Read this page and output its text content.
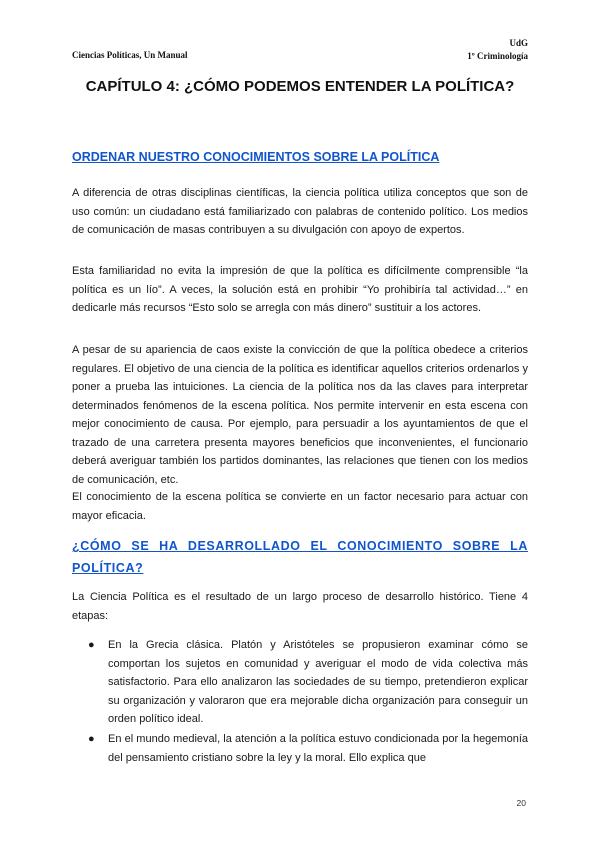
Ciencias Políticas, Un Manual
UdG
1º Criminología
CAPÍTULO 4: ¿CÓMO PODEMOS ENTENDER LA POLÍTICA?
ORDENAR NUESTRO CONOCIMIENTOS SOBRE LA POLÍTICA

A diferencia de otras disciplinas científicas, la ciencia política utiliza conceptos que son de uso común: un ciudadano está familiarizado con palabras de contenido político. Los medios de comunicación de masas contribuyen a su divulgación con apoyo de expertos.

Esta familiaridad no evita la impresión de que la política es difícilmente comprensible “la política es un lío”. A veces, la solución está en prohibir “Yo prohibiría tal actividad…” en dedicarle más recursos “Esto solo se arregla con más dinero” sustituir a los actores.

A pesar de su apariencia de caos existe la convicción de que la política obedece a criterios regulares. El objetivo de una ciencia de la política es identificar aquellos criterios ordenarlos y poner a prueba las intuiciones. La ciencia de la política nos da las claves para interpretar determinados fenómenos de la escena política. Nos permite intervenir en esta escena con mejor conocimiento de causa. Por ejemplo, para persuadir a los ayuntamientos de que el trazado de una carretera presenta mayores beneficios que inconvenientes, el funcionario deberá averiguar también los partidos dominantes, las relaciones que tienen con los medios de comunicación, etc.

El conocimiento de la escena política se convierte en un factor necesario para actuar con mayor eficacia.

¿CÓMO SE HA DESARROLLADO EL CONOCIMIENTO SOBRE LA POLÍTICA?

La Ciencia Política es el resultado de un largo proceso de desarrollo histórico. Tiene 4 etapas:

● En la Grecia clásica. Platón y Aristóteles se propusieron examinar cómo se comportan los sujetos en comunidad y averiguar el modo de vida colectiva más satisfactorio. Para ello analizaron las sociedades de su tiempo, pretendieron explicar su organización y valoraron que era mejorable dicha organización para conseguir un orden político ideal.
● En el mundo medieval, la atención a la política estuvo condicionada por la hegemonía del pensamiento cristiano sobre la ley y la moral. Ello explica que
20
